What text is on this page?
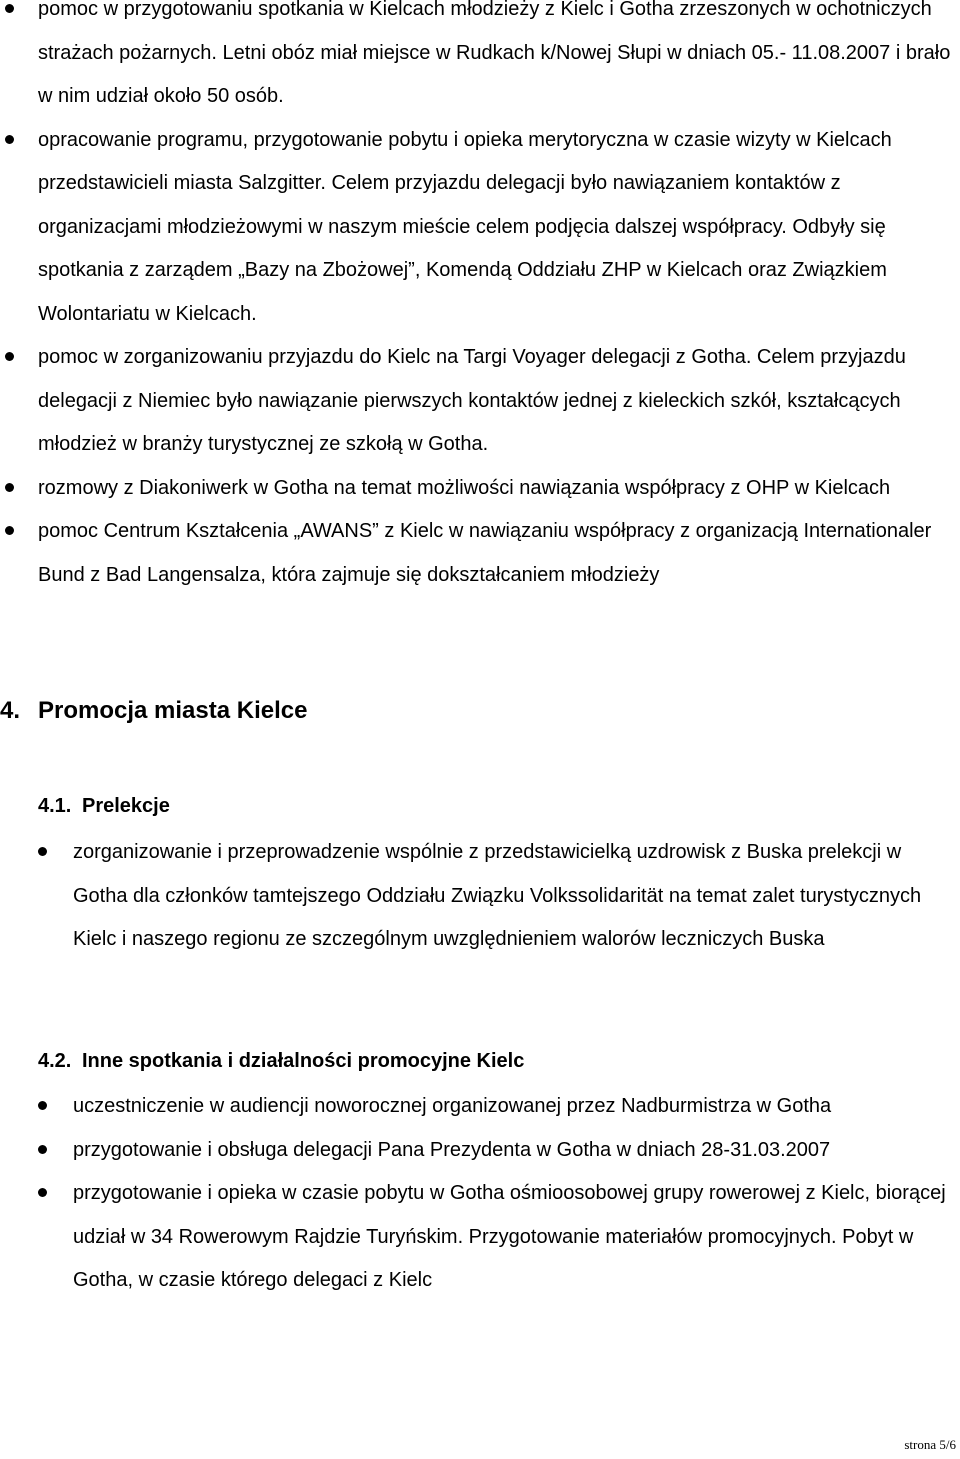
pomoc w przygotowaniu spotkania w Kielcach młodzieży z Kielc i Gotha zrzeszonych w ochotniczych strażach pożarnych. Letni obóz miał miejsce w Rudkach k/Nowej Słupi w dniach 05.- 11.08.2007 i brało w nim udział około 50 osób.
opracowanie programu, przygotowanie pobytu i opieka merytoryczna w czasie wizyty w Kielcach przedstawicieli miasta Salzgitter. Celem przyjazdu delegacji było nawiązaniem kontaktów z organizacjami młodzieżowymi w naszym mieście celem podjęcia dalszej współpracy. Odbyły się spotkania z zarządem „Bazy na Zbożowej”, Komendą Oddziału ZHP w Kielcach oraz Związkiem Wolontariatu w Kielcach.
pomoc w zorganizowaniu przyjazdu do Kielc na Targi Voyager delegacji z Gotha. Celem przyjazdu delegacji z Niemiec było nawiązanie pierwszych kontaktów jednej z kieleckich szkół, kształcących młodzież w branży turystycznej ze szkołą w Gotha.
rozmowy z Diakoniwerk w Gotha na temat możliwości nawiązania współpracy z OHP w Kielcach
pomoc Centrum Kształcenia „AWANS” z Kielc w nawiązaniu współpracy z organizacją Internationaler Bund z Bad Langensalza, która zajmuje się dokształcaniem młodzieży
4. Promocja miasta Kielce
4.1. Prelekcje
zorganizowanie i przeprowadzenie wspólnie z przedstawicielką uzdrowisk z Buska prelekcji w Gotha dla członków tamtejszego Oddziału Związku Volkssolidarität na temat zalet turystycznych Kielc i naszego regionu ze szczególnym uwzględnieniem walorów leczniczych Buska
4.2. Inne spotkania i działalności promocyjne Kielc
uczestniczenie w audiencji noworocznej organizowanej przez Nadburmistrza w Gotha
przygotowanie i obsługa delegacji Pana Prezydenta w Gotha w dniach 28-31.03.2007
przygotowanie i opieka w czasie pobytu w Gotha ośmioosobowej grupy rowerowej z Kielc, biorącej udział w 34 Rowerowym Rajdzie Turyńskim. Przygotowanie materiałów promocyjnych. Pobyt w Gotha, w czasie którego delegaci z Kielc
strona 5/6
